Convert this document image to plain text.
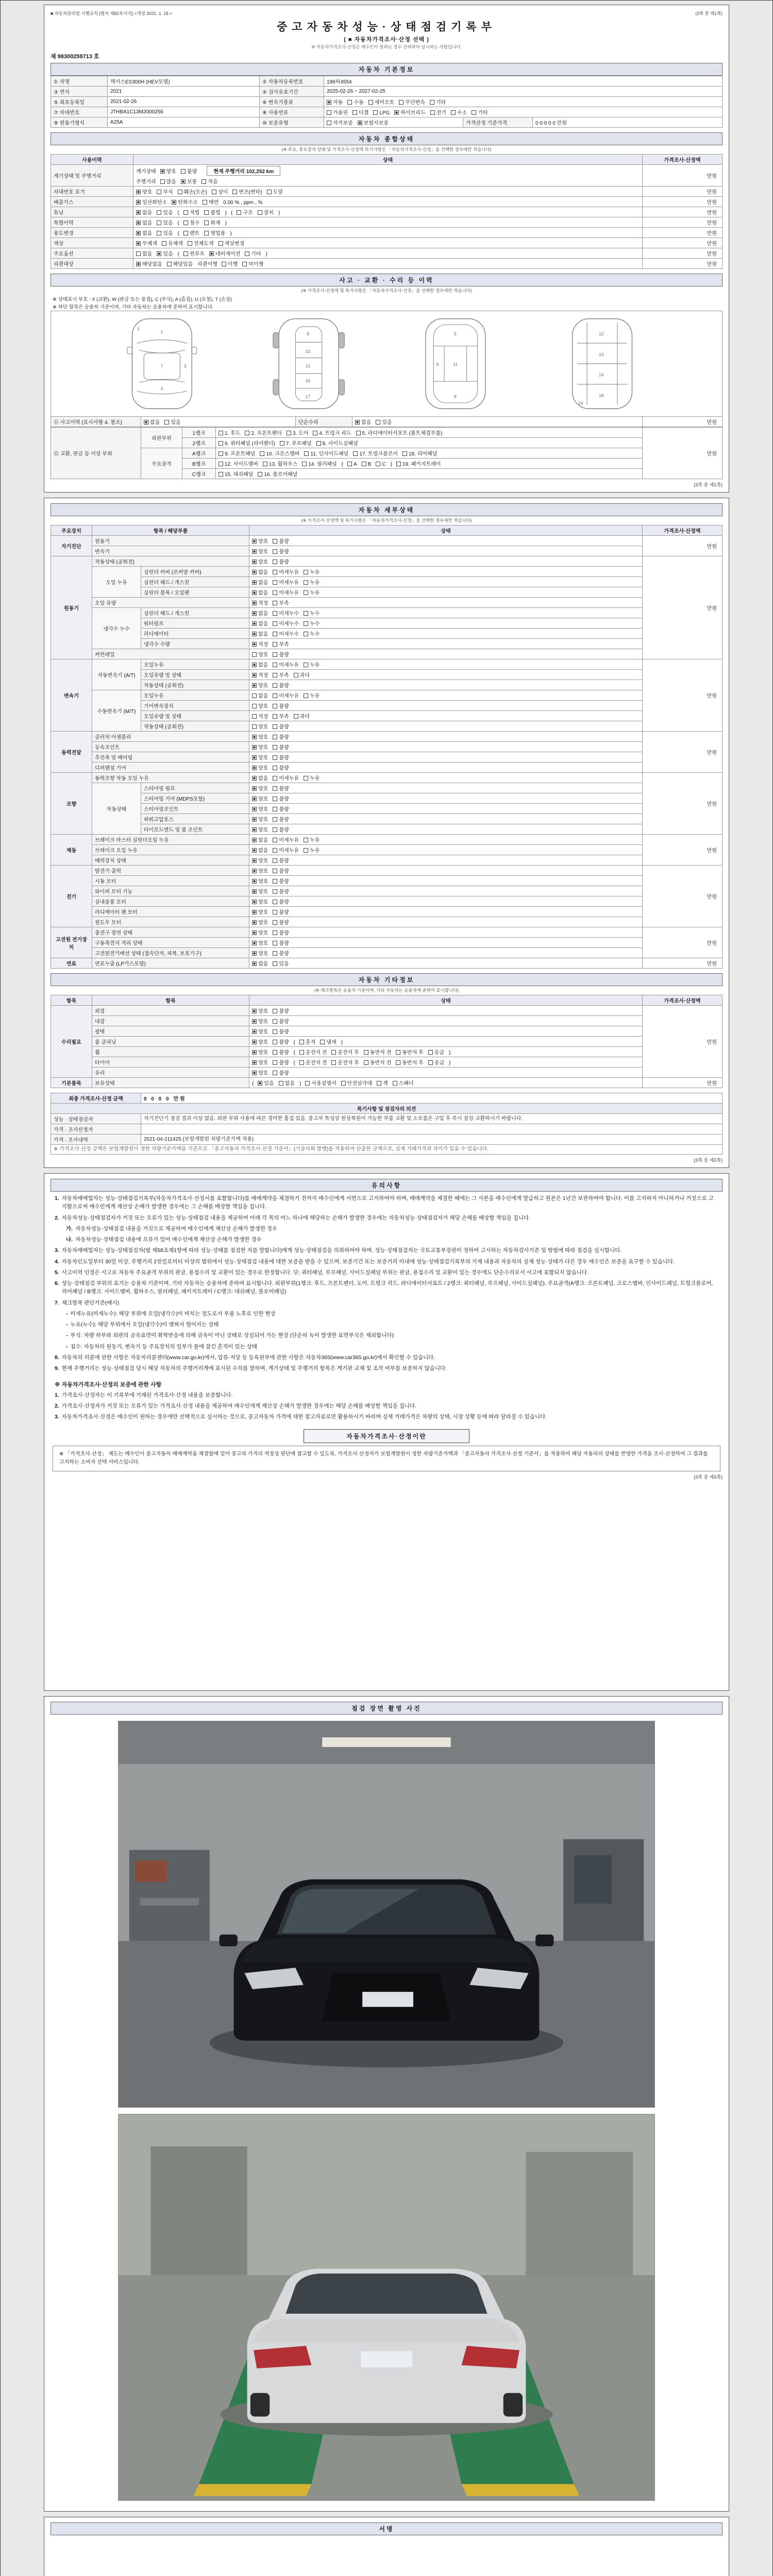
■ 자동차관리법 시행규칙 [별지 제82호서식] <개정 2021. 1. 19.>	(3쪽 중 제1쪽)
중고자동차성능·상태점검기록부
( ■ 자동차가격조사·산정 선택 )
※ 자동차가격조사·산정은 매수인이 원하는 경우 선택하여 실시하는 사항입니다.
제 98300259713 호
자동차 기본정보
① 차명	렉서스ES300H (HEV모델)	② 자동차등록번호	196허4554		
③ 연식	2021	④ 검사유효기간	2025-02-26 ~ 2027-02-25		
⑤ 최초등록일	2021-02-26	⑥ 변속기종류	자동 수동 세미오토 무단변속 기타		
⑦ 차대번호	JTHBA1C13M2000256	⑧ 사용연료	가솔린 디젤 LPG 하이브리드 전기 수소 기타		
⑨ 원동기형식	A25A	⑩ 보증유형	자가보증 보험사보증	가격산정 기준가격	0 0 0 0 0 만원
자동차 종합상태
(※ 주요, 중요장치 상태 및 가격조사·산정액·특기사항은 「자동차가격조사·산정」을 선택한 경우에만 적습니다)
사용이력	상태	가격조사·산정액
계기상태 및 주행거리	계기상태 양호 불량 현재 주행거리 102,252 km
주행거리 많음 보통 적음	만원
차대번호 표기	양호 부식 훼손(오손) 상이 변조(변타) 도말	만원
배출가스	일산화탄소 탄화수소 매연 0.00 % , ppm , %	만원
튜닝	없음 있음 ( 적법 불법 ) ( 구조 장치 )	만원
특별이력	없음 있음 ( 침수 화재 )	만원
용도변경	없음 있음 ( 렌트 영업용 )	만원
색상	무채색 유채색 전체도색 색상변경	만원
주요옵션	없음 있음 ( 썬루프 네비게이션 기타 )	만원
리콜대상	해당없음 해당있음 리콜이행 이행 미이행	만원
사고 · 교환 · 수리 등 이력
(※ 가격조사·산정액 및 특기사항은 「자동차가격조사·산정」을 선택한 경우에만 적습니다)
※ 상태표시 부호 : X (교환), W (판금 또는 용접), C (부식), A (흠집), U (요철), T (손상)
※ 하단 항목은 승용차 기준이며, 기타 자동차는 승용차에 준하여 표시합니다.
1
2
3
4
7
9
10
15
16
17
5
6
8
11
12
13
14
18
19
⑪ 사고이력 (표시사항 4. 참조)	없음 있음	단순수리	없음 있음	만원
⑫ 교환, 판금 등 이상 부위	외판부위	1랭크	1. 후드 2. 프론트펜더 3. 도어 4. 트렁크 리드 5. 라디에이터서포트 (볼트체결부품)	만원
		2랭크	6. 쿼터패널 (리어펜더) 7. 루프패널 8. 사이드실패널	
	주요골격	A랭크	9. 프론트패널 10. 크로스멤버 11. 인사이드패널 17. 트렁크플로어 18. 리어패널	
		B랭크	12. 사이드멤버 13. 휠하우스 14. 필러패널 ( A B C ) 19. 패키지트레이	
		C랭크	15. 대쉬패널 16. 플로어패널	
(3쪽 중 제1쪽)
자동차 세부상태
(※ 가격조사·산정액 및 특기사항은 「자동차가격조사·산정」을 선택한 경우에만 적습니다)
주요장치	항목 / 해당부품		상태	가격조사·산정액
자기진단	원동기		양호 불량	만원
	변속기		양호 불량	
원동기	작동상태 (공회전)		양호 불량	만원
	오일 누유	실린더 커버 (로커암 커버)	없음 미세누유 누유	
		실린더 헤드 / 개스킷	없음 미세누유 누유	
		실린더 블록 / 오일팬	없음 미세누유 누유	
	오일 유량		적정 부족	
	냉각수 누수	실린더 헤드 / 개스킷	없음 미세누수 누수	
		워터펌프	없음 미세누수 누수	
		라디에이터	없음 미세누수 누수	
		냉각수 수량	적정 부족	
	커먼레일		양호 불량	
변속기	자동변속기 (A/T)	오일누유	없음 미세누유 누유	만원
		오일유량 및 상태	적정 부족 과다	
		작동상태 (공회전)	양호 불량	
	수동변속기 (M/T)	오일누유	없음 미세누유 누유	
		기어변속장치	양호 불량	
		오일유량 및 상태	적정 부족 과다	
		작동상태 (공회전)	양호 불량	
동력전달	클러치 어셈블리		양호 불량	만원
	등속조인트		양호 불량	
	추진축 및 베어링		양호 불량	
	디퍼렌셜 기어		양호 불량	
조향	동력조향 작동 오일 누유		없음 미세누유 누유	만원
	작동상태	스티어링 펌프	양호 불량	
		스티어링 기어 (MDPS포함)	양호 불량	
		스티어링조인트	양호 불량	
		파워고압호스	양호 불량	
		타이로드엔드 및 볼 조인트	양호 불량	
제동	브레이크 마스터 실린더오일 누유		없음 미세누유 누유	만원
	브레이크 오일 누유		없음 미세누유 누유	
	배력장치 상태		양호 불량	
전기	발전기 출력		양호 불량	만원
	시동 모터		양호 불량	
	와이퍼 모터 기능		양호 불량	
	실내송풍 모터		양호 불량	
	라디에이터 팬 모터		양호 불량	
	윈도우 모터		양호 불량	
고전원 전기장치	충전구 절연 상태		양호 불량	만원
	구동축전지 격리 상태		양호 불량	
	고전원전기배선 상태 (접속단자, 피복, 보호기구)		양호 불량	
연료	연료누출 (LP가스포함)		없음 있음	만원
자동차 기타정보
(※ 체크항목은 승용차 기준이며, 기타 자동차는 승용차에 준하여 표시합니다)
항목	항목	상태	가격조사·산정액
수리필요	외장	양호 불량	만원
	내장	양호 불량	
	광택	양호 불량	
	룸 클리닝	양호 불량 ( 흔적 냄새 )	
	휠	양호 불량 ( 운전석 전 운전석 후 동반석 전 동반석 후 응급 )	
	타이어	양호 불량 ( 운전석 전 운전석 후 동반석 전 동반석 후 응급 )	
	유리	양호 불량	
기본품목	보유상태	( 있음 없음 ) 사용설명서 안전삼각대 잭 스패너	만원
최종 가격조사·산정 금액	0 0 0 0 만원
특기사항 및 점검자의 의견	
성능 · 상태점검자	자기진단기 점검 결과 이상 없음. 외판 부위 사용에 따른 경미한 흠집 있음. 중고차 특성상 원상복원이 가능한 부품 교환 및 소모품은 구입 후 즉시 점검·교환하시기 바랍니다.
가격 · 조사산정자	
가격 · 조사내역	2021-04-211425 (보험개발원 차량기준가액 적용)
※ 가격조사·산정 금액은 보험개발원이 정한 차량기준가액을 기준으로 「중고자동차 가격조사·산정 기준서」(기술사회 발행)를 적용하여 산출한 금액으로, 실제 거래가격과 차이가 있을 수 있습니다.	
(3쪽 중 제2쪽)
유의사항
1. 자동차매매업자는 성능·상태점검기록부(자동차가격조사·산정서를 포함합니다)를 매매계약을 체결하기 전까지 매수인에게 서면으로 고지하여야 하며, 매매계약을 체결한 때에는 그 사본을 매수인에게 발급하고 원본은 1년간 보관하여야 합니다. 이를 고지하지 아니하거나 거짓으로 고지함으로써 매수인에게 재산상 손해가 발생한 경우에는 그 손해를 배상할 책임을 집니다.
2. 자동차성능·상태점검자가 거짓 또는 오류가 있는 성능·상태점검 내용을 제공하여 아래 각 목의 어느 하나에 해당하는 손해가 발생한 경우에는 자동차성능·상태점검자가 해당 손해를 배상할 책임을 집니다.
가. 자동차성능·상태점검 내용을 거짓으로 제공하여 매수인에게 재산상 손해가 발생한 경우
나. 자동차성능·상태점검 내용에 오류가 있어 매수인에게 재산상 손해가 발생한 경우
3. 자동차매매업자는 성능·상태점검자(법 제58조제1항에 따라 성능·상태를 점검한 자를 말합니다)에게 성능·상태점검을 의뢰하여야 하며, 성능·상태점검자는 국토교통부장관이 정하여 고시하는 자동차검사기준 및 방법에 따라 점검을 실시합니다.
4. 자동차인도일부터 30일 이상, 주행거리 2천킬로미터 이상의 범위에서 성능·상태점검 내용에 대한 보증을 받을 수 있으며, 보증기간 또는 보증거리 이내에 성능·상태점검기록부의 기재 내용과 자동차의 실제 성능·상태가 다른 경우 매수인은 보증을 요구할 수 있습니다.
5. 사고이력 인정은 사고로 자동차 주요골격 부위의 판금, 용접수리 및 교환이 있는 경우로 한정합니다. 단, 쿼터패널, 루프패널, 사이드실패널 부위는 판금, 용접수리 및 교환이 있는 경우에도 단순수리로서 사고에 포함되지 않습니다.
6. 성능·상태점검 부위의 표기는 승용차 기준이며, 기타 자동차는 승용차에 준하여 표시합니다. 외판부위(1랭크: 후드, 프론트펜더, 도어, 트렁크 리드, 라디에이터서포트 / 2랭크: 쿼터패널, 루프패널, 사이드실패널), 주요골격(A랭크: 프론트패널, 크로스멤버, 인사이드패널, 트렁크플로어, 리어패널 / B랭크: 사이드멤버, 휠하우스, 필러패널, 패키지트레이 / C랭크: 대쉬패널, 플로어패널)
7. 체크항목 판단기준(예시)
- 미세누유(미세누수): 해당 부위에 오일(냉각수)이 비치는 정도로서 부품 노후로 인한 현상
- 누유(누수): 해당 부위에서 오일(냉각수)이 맺혀서 떨어지는 상태
- 부식: 차량 하부와 외판의 금속표면이 화학반응에 의해 금속이 아닌 상태로 상실되어 가는 현상 (단순히 녹이 발생한 표면부식은 제외합니다)
- 침수: 자동차의 원동기, 변속기 등 주요장치의 일부가 물에 잠긴 흔적이 있는 상태
8. 자동차의 리콜에 관한 사항은 자동차리콜센터(www.car.go.kr)에서, 압류·저당 등 등록원부에 관한 사항은 자동차365(www.car365.go.kr)에서 확인할 수 있습니다.
9. 현재 주행거리는 성능·상태점검 당시 해당 자동차의 주행거리계에 표시된 수치를 말하며, 계기상태 및 주행거리 항목은 계기판 교체 및 조작 여부를 보증하지 않습니다.
※ 자동차가격조사·산정의 보증에 관한 사항
1. 가격조사·산정자는 이 기록부에 기재된 가격조사·산정 내용을 보증합니다.
2. 가격조사·산정자가 거짓 또는 오류가 있는 가격조사·산정 내용을 제공하여 매수인에게 재산상 손해가 발생한 경우에는 해당 손해를 배상할 책임을 집니다.
3. 자동차가격조사·산정은 매수인이 원하는 경우에만 선택적으로 실시하는 것으로, 중고자동차 가격에 대한 참고자료로만 활용하시기 바라며 실제 거래가격은 차량의 상태, 시장 상황 등에 따라 달라질 수 있습니다.
자동차가격조사·산정이란
※ 「가격조사·산정」 제도는 매수인이 중고자동차 매매계약을 체결함에 있어 중고차 가격의 적정성 판단에 참고할 수 있도록, 가격조사·산정자가 보험개발원이 정한 차량기준가액과 「중고자동차 가격조사·산정 기준서」를 적용하여 해당 자동차의 상태를 반영한 가격을 조사·산정하여 그 결과를 고지하는 소비자 선택 서비스입니다.
(3쪽 중 제3쪽)
점검 장면 촬영 사진
서명
